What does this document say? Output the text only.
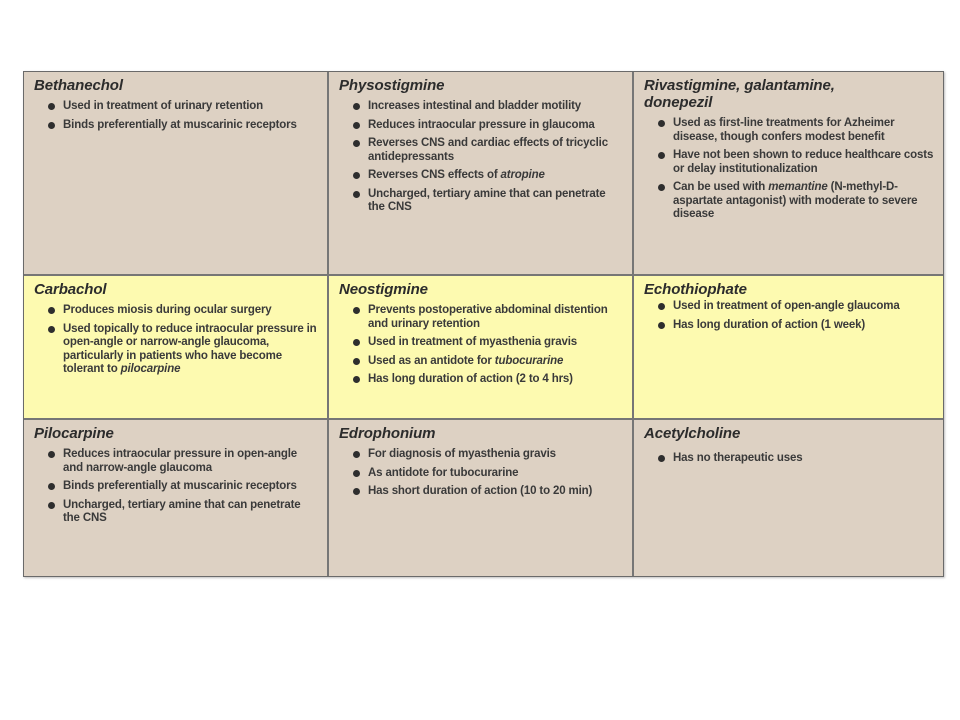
Bethanechol
Used in treatment of urinary retention
Binds preferentially at muscarinic receptors
Physostigmine
Increases intestinal and bladder motility
Reduces intraocular pressure in glaucoma
Reverses CNS and cardiac effects of tricyclic antidepressants
Reverses CNS effects of atropine
Uncharged, tertiary amine that can penetrate the CNS
Rivastigmine, galantamine, donepezil
Used as first-line treatments for Azheimer disease, though confers modest benefit
Have not been shown to reduce healthcare costs or delay institutionalization
Can be used with memantine (N-methyl-D-aspartate antagonist) with moderate to severe disease
Carbachol
Produces miosis during ocular surgery
Used topically to reduce intraocular pressure in open-angle or narrow-angle glaucoma, particularly in patients who have become tolerant to pilocarpine
Neostigmine
Prevents postoperative abdominal distention and urinary retention
Used in treatment of myasthenia gravis
Used as an antidote for tubocurarine
Has long duration of action (2 to 4 hrs)
Echothiophate
Used in treatment of open-angle glaucoma
Has long duration of action (1 week)
Pilocarpine
Reduces intraocular pressure in open-angle and narrow-angle glaucoma
Binds preferentially at muscarinic receptors
Uncharged, tertiary amine that can penetrate the CNS
Edrophonium
For diagnosis of myasthenia gravis
As antidote for tubocurarine
Has short duration of action (10 to 20 min)
Acetylcholine
Has no therapeutic uses
